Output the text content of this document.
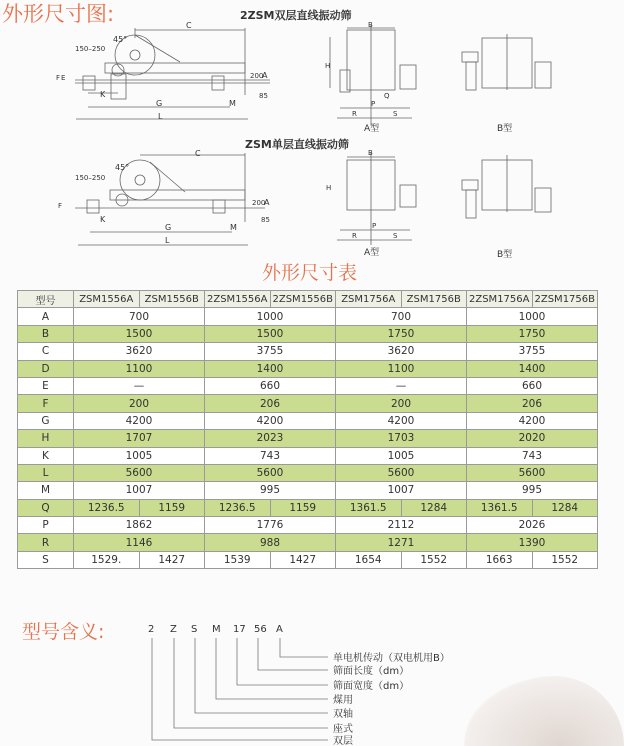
外形尺寸图:	2ZSM双层直线振动筛
ZSM单层直线振动筛
C
45°
150–250
FE	200
A
85
K
G	M
L
B
H
Q
P
R	S
A型	B型
C
45°
150–250
F	200
A
85
K
G	M
L
B
H
P
R	S
A型	B型
外形尺寸表
型号	ZSM1556A	ZSM1556B	2ZSM1556A	2ZSM1556B	ZSM1756A	ZSM1756B	2ZSM1756A	2ZSM1756B
A	700		1000		700		1000	
B	1500		1500		1750		1750	
C	3620		3755		3620		3755	
D	1100		1400		1100		1400	
E	—		660		—		660	
F	200		206		200		206	
G	4200		4200		4200		4200	
H	1707		2023		1703		2020	
K	1005		743		1005		743	
L	5600		5600		5600		5600	
M	1007		995		1007		995	
Q	1236.5	1159	1236.5	1159	1361.5	1284	1361.5	1284
P	1862		1776		2112		2026	
R	1146		988		1271		1390	
S	1529.	1427	1539	1427	1654	1552	1663	1552
型号含义:	2 Z S M 17 56 A
单电机传动（双电机用B）
筛面长度（dm）
筛面宽度（dm）
煤用
双轴
座式
双层
